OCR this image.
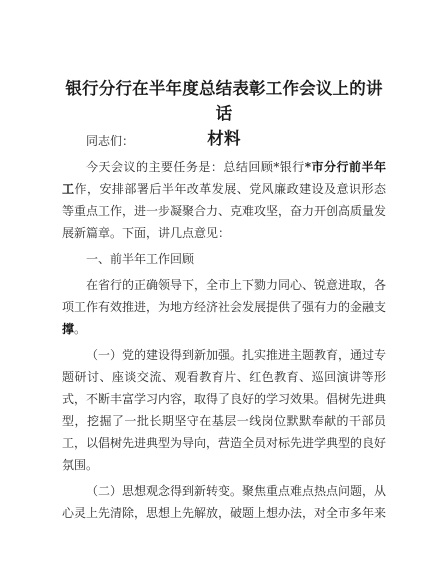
银行分行在半年度总结表彰工作会议上的讲话
材料

同志们：

今天会议的主要任务是：总结回顾*银行*市分行前半年工作，安排部署后半年改革发展、党风廉政建设及意识形态等重点工作，进一步凝聚合力、克难攻坚，奋力开创高质量发展新篇章。下面，讲几点意见：

一、前半年工作回顾

在省行的正确领导下，全市上下勠力同心、锐意进取，各项工作有效推进，为地方经济社会发展提供了强有力的金融支撑。

（一）党的建设得到新加强。扎实推进主题教育，通过专题研讨、座谈交流、观看教育片、红色教育、巡回演讲等形式，不断丰富学习内容，取得了良好的学习效果。倡树先进典型，挖掘了一批长期坚守在基层一线岗位默默奉献的干部员工，以倡树先进典型为导向，营造全员对标先进学典型的良好氛围。

（二）思想观念得到新转变。聚焦重点难点热点问题，从心灵上先清除，思想上先解放，破题上想办法，对全市多年来
